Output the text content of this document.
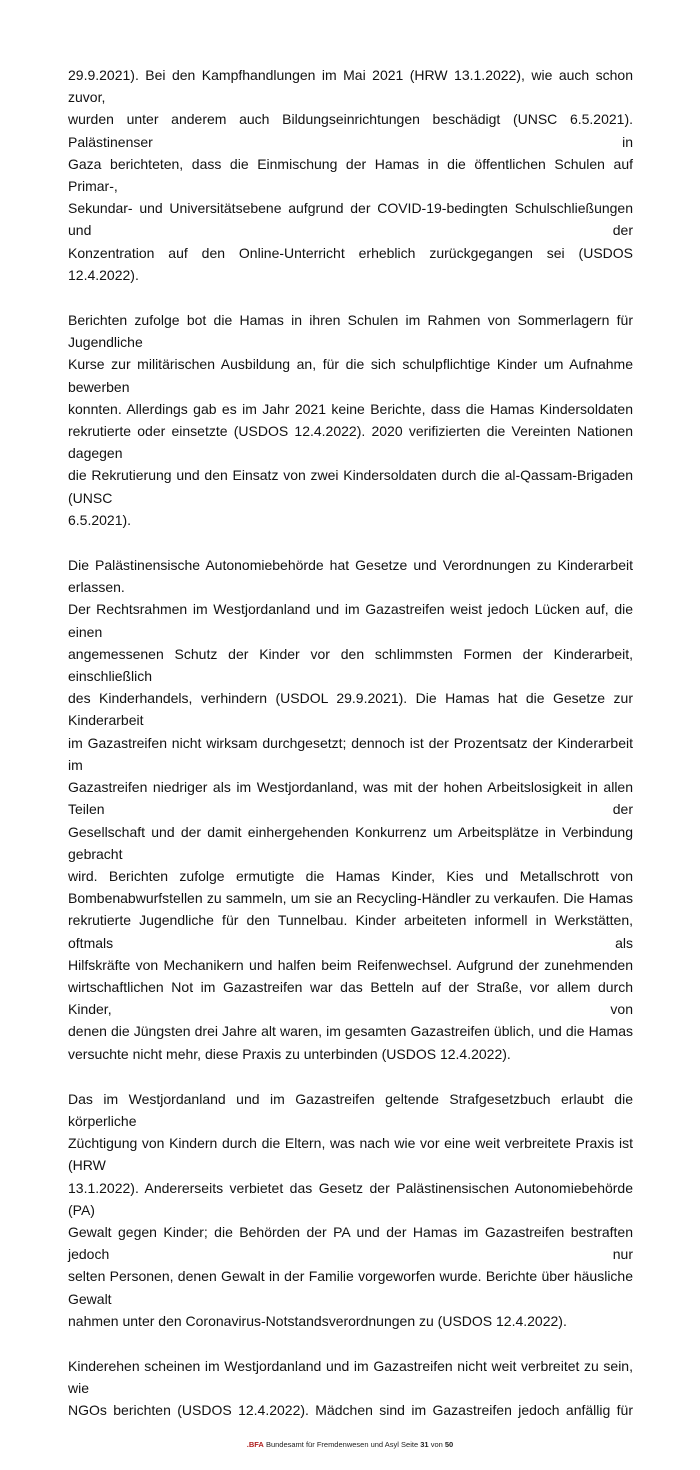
29.9.2021). Bei den Kampfhandlungen im Mai 2021 (HRW 13.1.2022), wie auch schon zuvor,
wurden unter anderem auch Bildungseinrichtungen beschädigt (UNSC 6.5.2021). Palästinenser in
Gaza berichteten, dass die Einmischung der Hamas in die öffentlichen Schulen auf Primar-,
Sekundar- und Universitätsebene aufgrund der COVID-19-bedingten Schulschließungen und der
Konzentration auf den Online-Unterricht erheblich zurückgegangen sei (USDOS 12.4.2022).
Berichten zufolge bot die Hamas in ihren Schulen im Rahmen von Sommerlagern für Jugendliche
Kurse zur militärischen Ausbildung an, für die sich schulpflichtige Kinder um Aufnahme bewerben
konnten. Allerdings gab es im Jahr 2021 keine Berichte, dass die Hamas Kindersoldaten
rekrutierte oder einsetzte (USDOS 12.4.2022). 2020 verifizierten die Vereinten Nationen dagegen
die Rekrutierung und den Einsatz von zwei Kindersoldaten durch die al-Qassam-Brigaden (UNSC
6.5.2021).
Die Palästinensische Autonomiebehörde hat Gesetze und Verordnungen zu Kinderarbeit erlassen.
Der Rechtsrahmen im Westjordanland und im Gazastreifen weist jedoch Lücken auf, die einen
angemessenen Schutz der Kinder vor den schlimmsten Formen der Kinderarbeit, einschließlich
des Kinderhandels, verhindern (USDOL 29.9.2021). Die Hamas hat die Gesetze zur Kinderarbeit
im Gazastreifen nicht wirksam durchgesetzt; dennoch ist der Prozentsatz der Kinderarbeit im
Gazastreifen niedriger als im Westjordanland, was mit der hohen Arbeitslosigkeit in allen Teilen der
Gesellschaft und der damit einhergehenden Konkurrenz um Arbeitsplätze in Verbindung gebracht
wird. Berichten zufolge ermutigte die Hamas Kinder, Kies und Metallschrott von
Bombenabwurfstellen zu sammeln, um sie an Recycling-Händler zu verkaufen. Die Hamas
rekrutierte Jugendliche für den Tunnelbau. Kinder arbeiteten informell in Werkstätten, oftmals als
Hilfskräfte von Mechanikern und halfen beim Reifenwechsel. Aufgrund der zunehmenden
wirtschaftlichen Not im Gazastreifen war das Betteln auf der Straße, vor allem durch Kinder, von
denen die Jüngsten drei Jahre alt waren, im gesamten Gazastreifen üblich, und die Hamas
versuchte nicht mehr, diese Praxis zu unterbinden (USDOS 12.4.2022).
Das im Westjordanland und im Gazastreifen geltende Strafgesetzbuch erlaubt die körperliche
Züchtigung von Kindern durch die Eltern, was nach wie vor eine weit verbreitete Praxis ist (HRW
13.1.2022). Andererseits verbietet das Gesetz der Palästinensischen Autonomiebehörde (PA)
Gewalt gegen Kinder; die Behörden der PA und der Hamas im Gazastreifen bestraften jedoch nur
selten Personen, denen Gewalt in der Familie vorgeworfen wurde. Berichte über häusliche Gewalt
nahmen unter den Coronavirus-Notstandsverordnungen zu (USDOS 12.4.2022).
Kinderehen scheinen im Westjordanland und im Gazastreifen nicht weit verbreitet zu sein, wie
NGOs berichten (USDOS 12.4.2022). Mädchen sind im Gazastreifen jedoch anfällig für
.BFA Bundesamt für Fremdenwesen und Asyl Seite 31 von 50
